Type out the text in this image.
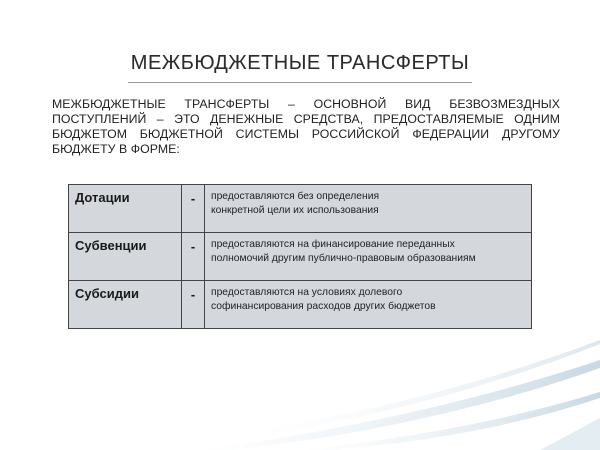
МЕЖБЮДЖЕТНЫЕ ТРАНСФЕРТЫ
МЕЖБЮДЖЕТНЫЕ ТРАНСФЕРТЫ – ОСНОВНОЙ ВИД БЕЗВОЗМЕЗДНЫХ ПОСТУПЛЕНИЙ – ЭТО ДЕНЕЖНЫЕ СРЕДСТВА, ПРЕДОСТАВЛЯЕМЫЕ ОДНИМ БЮДЖЕТОМ БЮДЖЕТНОЙ СИСТЕМЫ РОССИЙСКОЙ ФЕДЕРАЦИИ ДРУГОМУ БЮДЖЕТУ В ФОРМЕ:
Дотации	-	предоставляются без определения
конкретной цели их использования

Субвенции	-	предоставляются на финансирование переданных
полномочий другим публично-правовым образованиям

Субсидии	-	предоставляются на условиях долевого
софинансирования расходов других бюджетов
